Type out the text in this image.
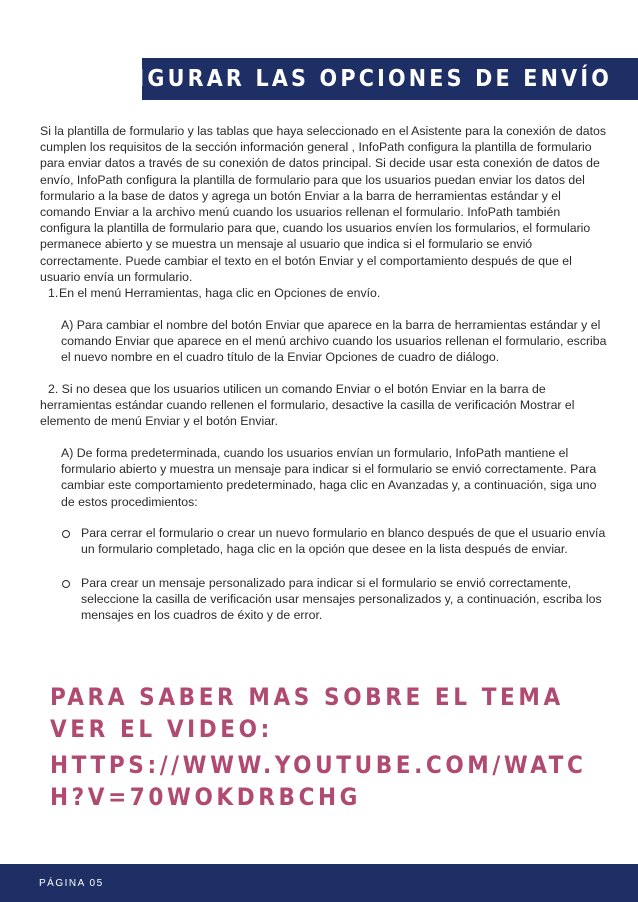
CONFIGURAR LAS OPCIONES DE ENVÍO

Si la plantilla de formulario y las tablas que haya seleccionado en el Asistente para la conexión de datos cumplen los requisitos de la sección información general , InfoPath configura la plantilla de formulario para enviar datos a través de su conexión de datos principal. Si decide usar esta conexión de datos de envío, InfoPath configura la plantilla de formulario para que los usuarios puedan enviar los datos del formulario a la base de datos y agrega un botón Enviar a la barra de herramientas estándar y el comando Enviar a la archivo menú cuando los usuarios rellenan el formulario. InfoPath también configura la plantilla de formulario para que, cuando los usuarios envíen los formularios, el formulario permanece abierto y se muestra un mensaje al usuario que indica si el formulario se envió correctamente. Puede cambiar el texto en el botón Enviar y el comportamiento después de que el usuario envía un formulario.

1.En el menú Herramientas, haga clic en Opciones de envío.

A) Para cambiar el nombre del botón Enviar que aparece en la barra de herramientas estándar y el comando Enviar que aparece en el menú archivo cuando los usuarios rellenan el formulario, escriba el nuevo nombre en el cuadro título de la Enviar Opciones de cuadro de diálogo.

2. Si no desea que los usuarios utilicen un comando Enviar o el botón Enviar en la barra de herramientas estándar cuando rellenen el formulario, desactive la casilla de verificación Mostrar el elemento de menú Enviar y el botón Enviar.

A) De forma predeterminada, cuando los usuarios envían un formulario, InfoPath mantiene el formulario abierto y muestra un mensaje para indicar si el formulario se envió correctamente. Para cambiar este comportamiento predeterminado, haga clic en Avanzadas y, a continuación, siga uno de estos procedimientos:

Para cerrar el formulario o crear un nuevo formulario en blanco después de que el usuario envía un formulario completado, haga clic en la opción que desee en la lista después de enviar.
Para crear un mensaje personalizado para indicar si el formulario se envió correctamente, seleccione la casilla de verificación usar mensajes personalizados y, a continuación, escriba los mensajes en los cuadros de éxito y de error.
PARA SABER MAS SOBRE EL TEMA VER EL VIDEO:
HTTPS://WWW.YOUTUBE.COM/WATCH?V=70WOKDRBCHG
PÁGINA 05
